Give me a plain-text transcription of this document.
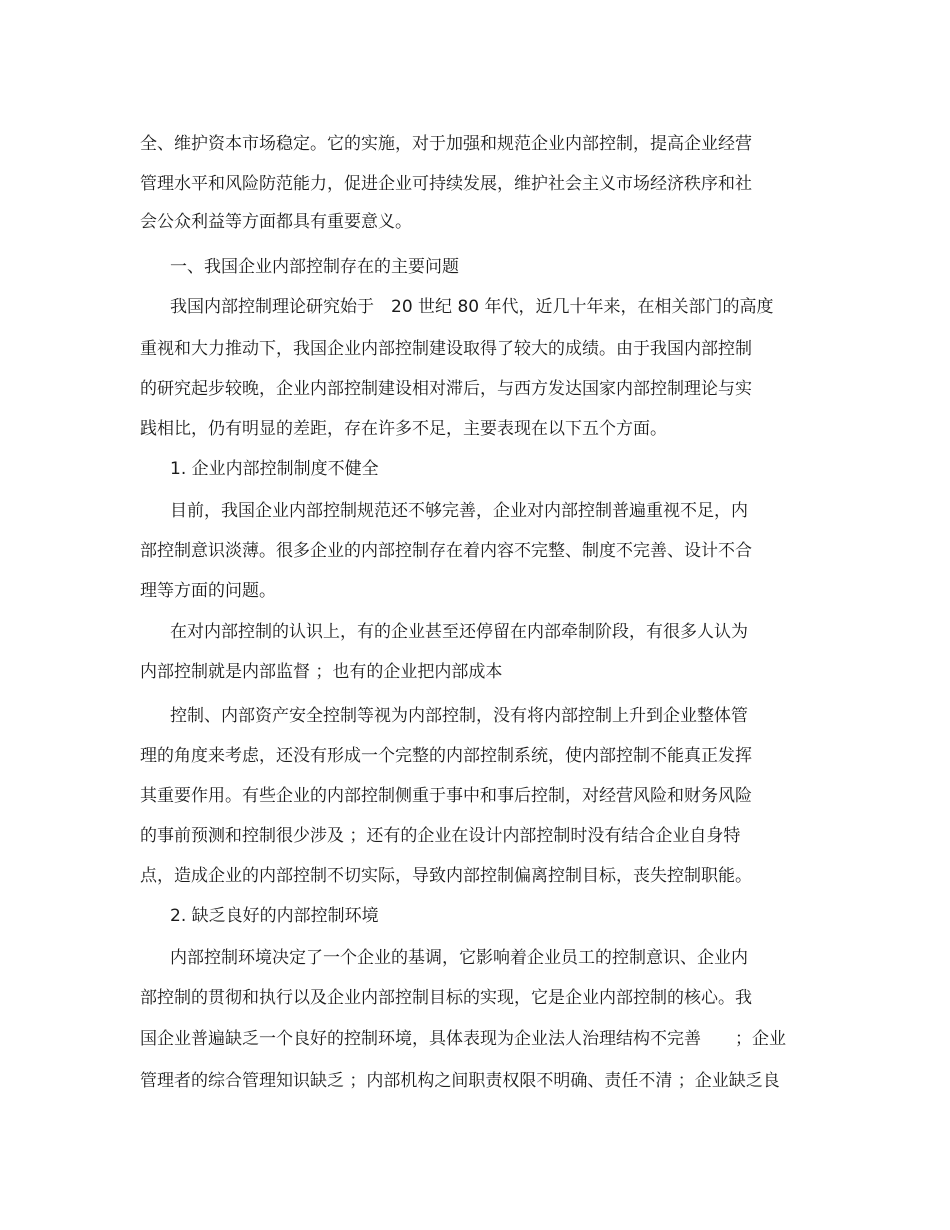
全、维护资本市场稳定。它的实施，对于加强和规范企业内部控制，提高企业经营
管理水平和风险防范能力，促进企业可持续发展，维护社会主义市场经济秩序和社
会公众利益等方面都具有重要意义。
一、我国企业内部控制存在的主要问题
我国内部控制理论研究始于　20 世纪 80 年代，近几十年来，在相关部门的高度
重视和大力推动下，我国企业内部控制建设取得了较大的成绩。由于我国内部控制
的研究起步较晚，企业内部控制建设相对滞后，与西方发达国家内部控制理论与实
践相比，仍有明显的差距，存在许多不足，主要表现在以下五个方面。
1. 企业内部控制制度不健全
目前，我国企业内部控制规范还不够完善，企业对内部控制普遍重视不足，内
部控制意识淡薄。很多企业的内部控制存在着内容不完整、制度不完善、设计不合
理等方面的问题。
在对内部控制的认识上，有的企业甚至还停留在内部牵制阶段，有很多人认为
内部控制就是内部监督 ；也有的企业把内部成本
控制、内部资产安全控制等视为内部控制，没有将内部控制上升到企业整体管
理的角度来考虑，还没有形成一个完整的内部控制系统，使内部控制不能真正发挥
其重要作用。有些企业的内部控制侧重于事中和事后控制，对经营风险和财务风险
的事前预测和控制很少涉及 ；还有的企业在设计内部控制时没有结合企业自身特
点，造成企业的内部控制不切实际，导致内部控制偏离控制目标，丧失控制职能。
2. 缺乏良好的内部控制环境
内部控制环境决定了一个企业的基调，它影响着企业员工的控制意识、企业内
部控制的贯彻和执行以及企业内部控制目标的实现，它是企业内部控制的核心。我
国企业普遍缺乏一个良好的控制环境，具体表现为企业法人治理结构不完善　　；企业
管理者的综合管理知识缺乏 ；内部机构之间职责权限不明确、责任不清 ；企业缺乏良
